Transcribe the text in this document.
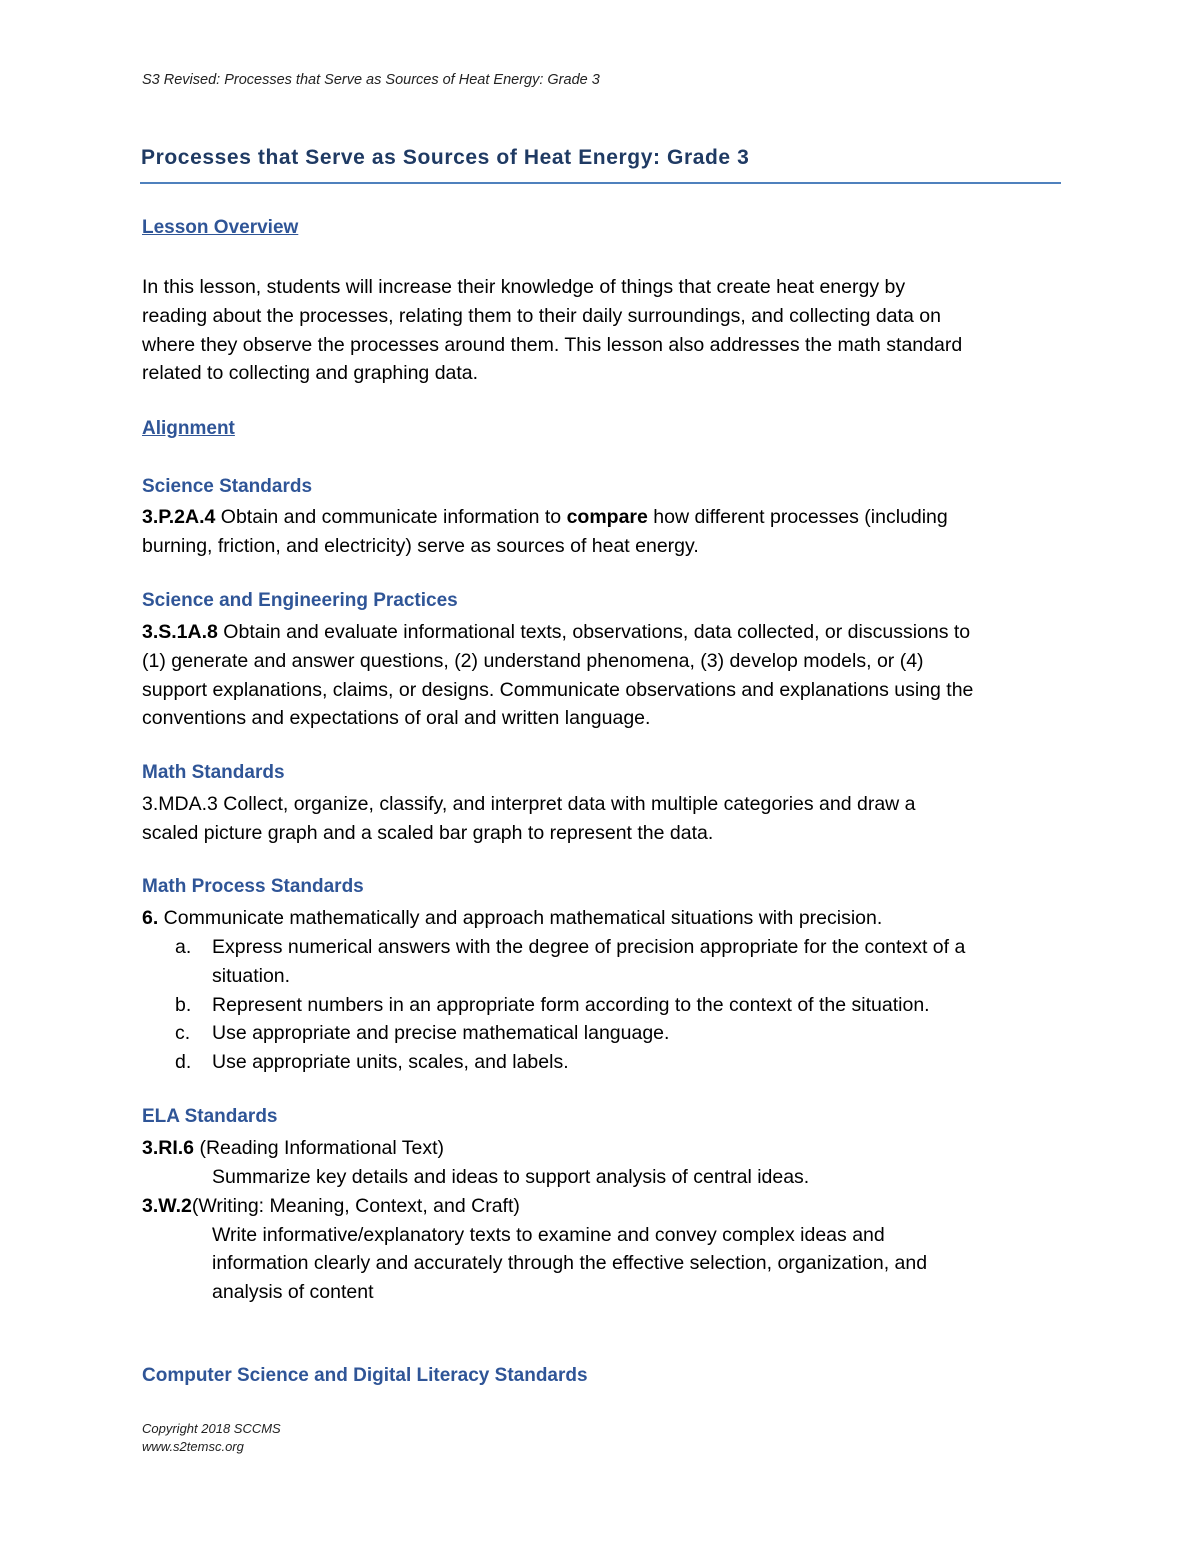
S3 Revised: Processes that Serve as Sources of Heat Energy: Grade 3
Processes that Serve as Sources of Heat Energy: Grade 3
Lesson Overview
In this lesson, students will increase their knowledge of things that create heat energy by
reading about the processes, relating them to their daily surroundings, and collecting data on
where they observe the processes around them. This lesson also addresses the math standard
related to collecting and graphing data.
Alignment
Science Standards
3.P.2A.4 Obtain and communicate information to compare how different processes (including
burning, friction, and electricity) serve as sources of heat energy.
Science and Engineering Practices
3.S.1A.8 Obtain and evaluate informational texts, observations, data collected, or discussions to
(1) generate and answer questions, (2) understand phenomena, (3) develop models, or (4)
support explanations, claims, or designs. Communicate observations and explanations using the
conventions and expectations of oral and written language.
Math Standards
3.MDA.3 Collect, organize, classify, and interpret data with multiple categories and draw a
scaled picture graph and a scaled bar graph to represent the data.
Math Process Standards
6. Communicate mathematically and approach mathematical situations with precision.
a. Express numerical answers with the degree of precision appropriate for the context of a
situation.
b. Represent numbers in an appropriate form according to the context of the situation.
c. Use appropriate and precise mathematical language.
d. Use appropriate units, scales, and labels.
ELA Standards
3.RI.6 (Reading Informational Text)
Summarize key details and ideas to support analysis of central ideas.
3.W.2(Writing: Meaning, Context, and Craft)
Write informative/explanatory texts to examine and convey complex ideas and
information clearly and accurately through the effective selection, organization, and
analysis of content
Computer Science and Digital Literacy Standards
Copyright 2018 SCCMS
www.s2temsc.org
